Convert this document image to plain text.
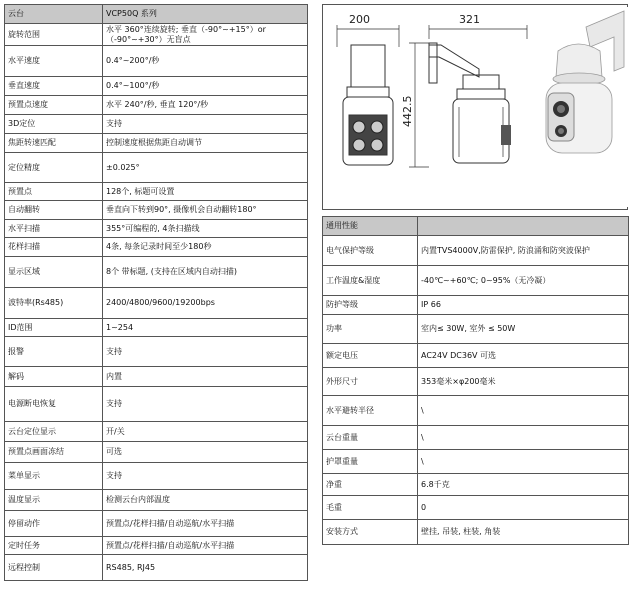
云台	VCP50Q 系列
旋转范围	水平 360°连续旋转; 垂直（-90°~+15°）or（-90°~+30°）无盲点
水平速度	0.4°~200°/秒
垂直速度	0.4°~100°/秒
预置点速度	水平 240°/秒, 垂直 120°/秒
3D定位	支持
焦距转速匹配	控制速度根据焦距自动调节
定位精度	±0.025°
预置点	128个, 标题可设置
自动翻转	垂直向下转到90°, 摄像机会自动翻转180°
水平扫描	355°可编程的, 4条扫描线
花样扫描	4条, 每条记录时间至少180秒
显示区域	8个 带标题, (支持在区域内自动扫描)
波特率(Rs485)	2400/4800/9600/19200bps
ID范围	1~254
报警	支持
解码	内置
电源断电恢复	支持
云台定位显示	开/关
预置点画面冻结	可选
菜单显示	支持
温度显示	检测云台内部温度
停留动作	预置点/花样扫描/自动巡航/水平扫描
定时任务	预置点/花样扫描/自动巡航/水平扫描
远程控制	RS485, RJ45
200	321
442.5
通用性能	
电气保护等级	内置TVS4000V,防雷保护, 防浪涌和防突波保护
工作温度&湿度	-40℃~+60℃; 0~95%（无冷凝）
防护等级	IP 66
功率	室内≤ 30W, 室外 ≤ 50W
额定电压	AC24V DC36V 可选
外形尺寸	353毫米×φ200毫米
水平避转半径	\
云台重量	\
护罩重量	\
净重	6.8千克
毛重	0
安装方式	壁挂, 吊装, 柱装, 角装
